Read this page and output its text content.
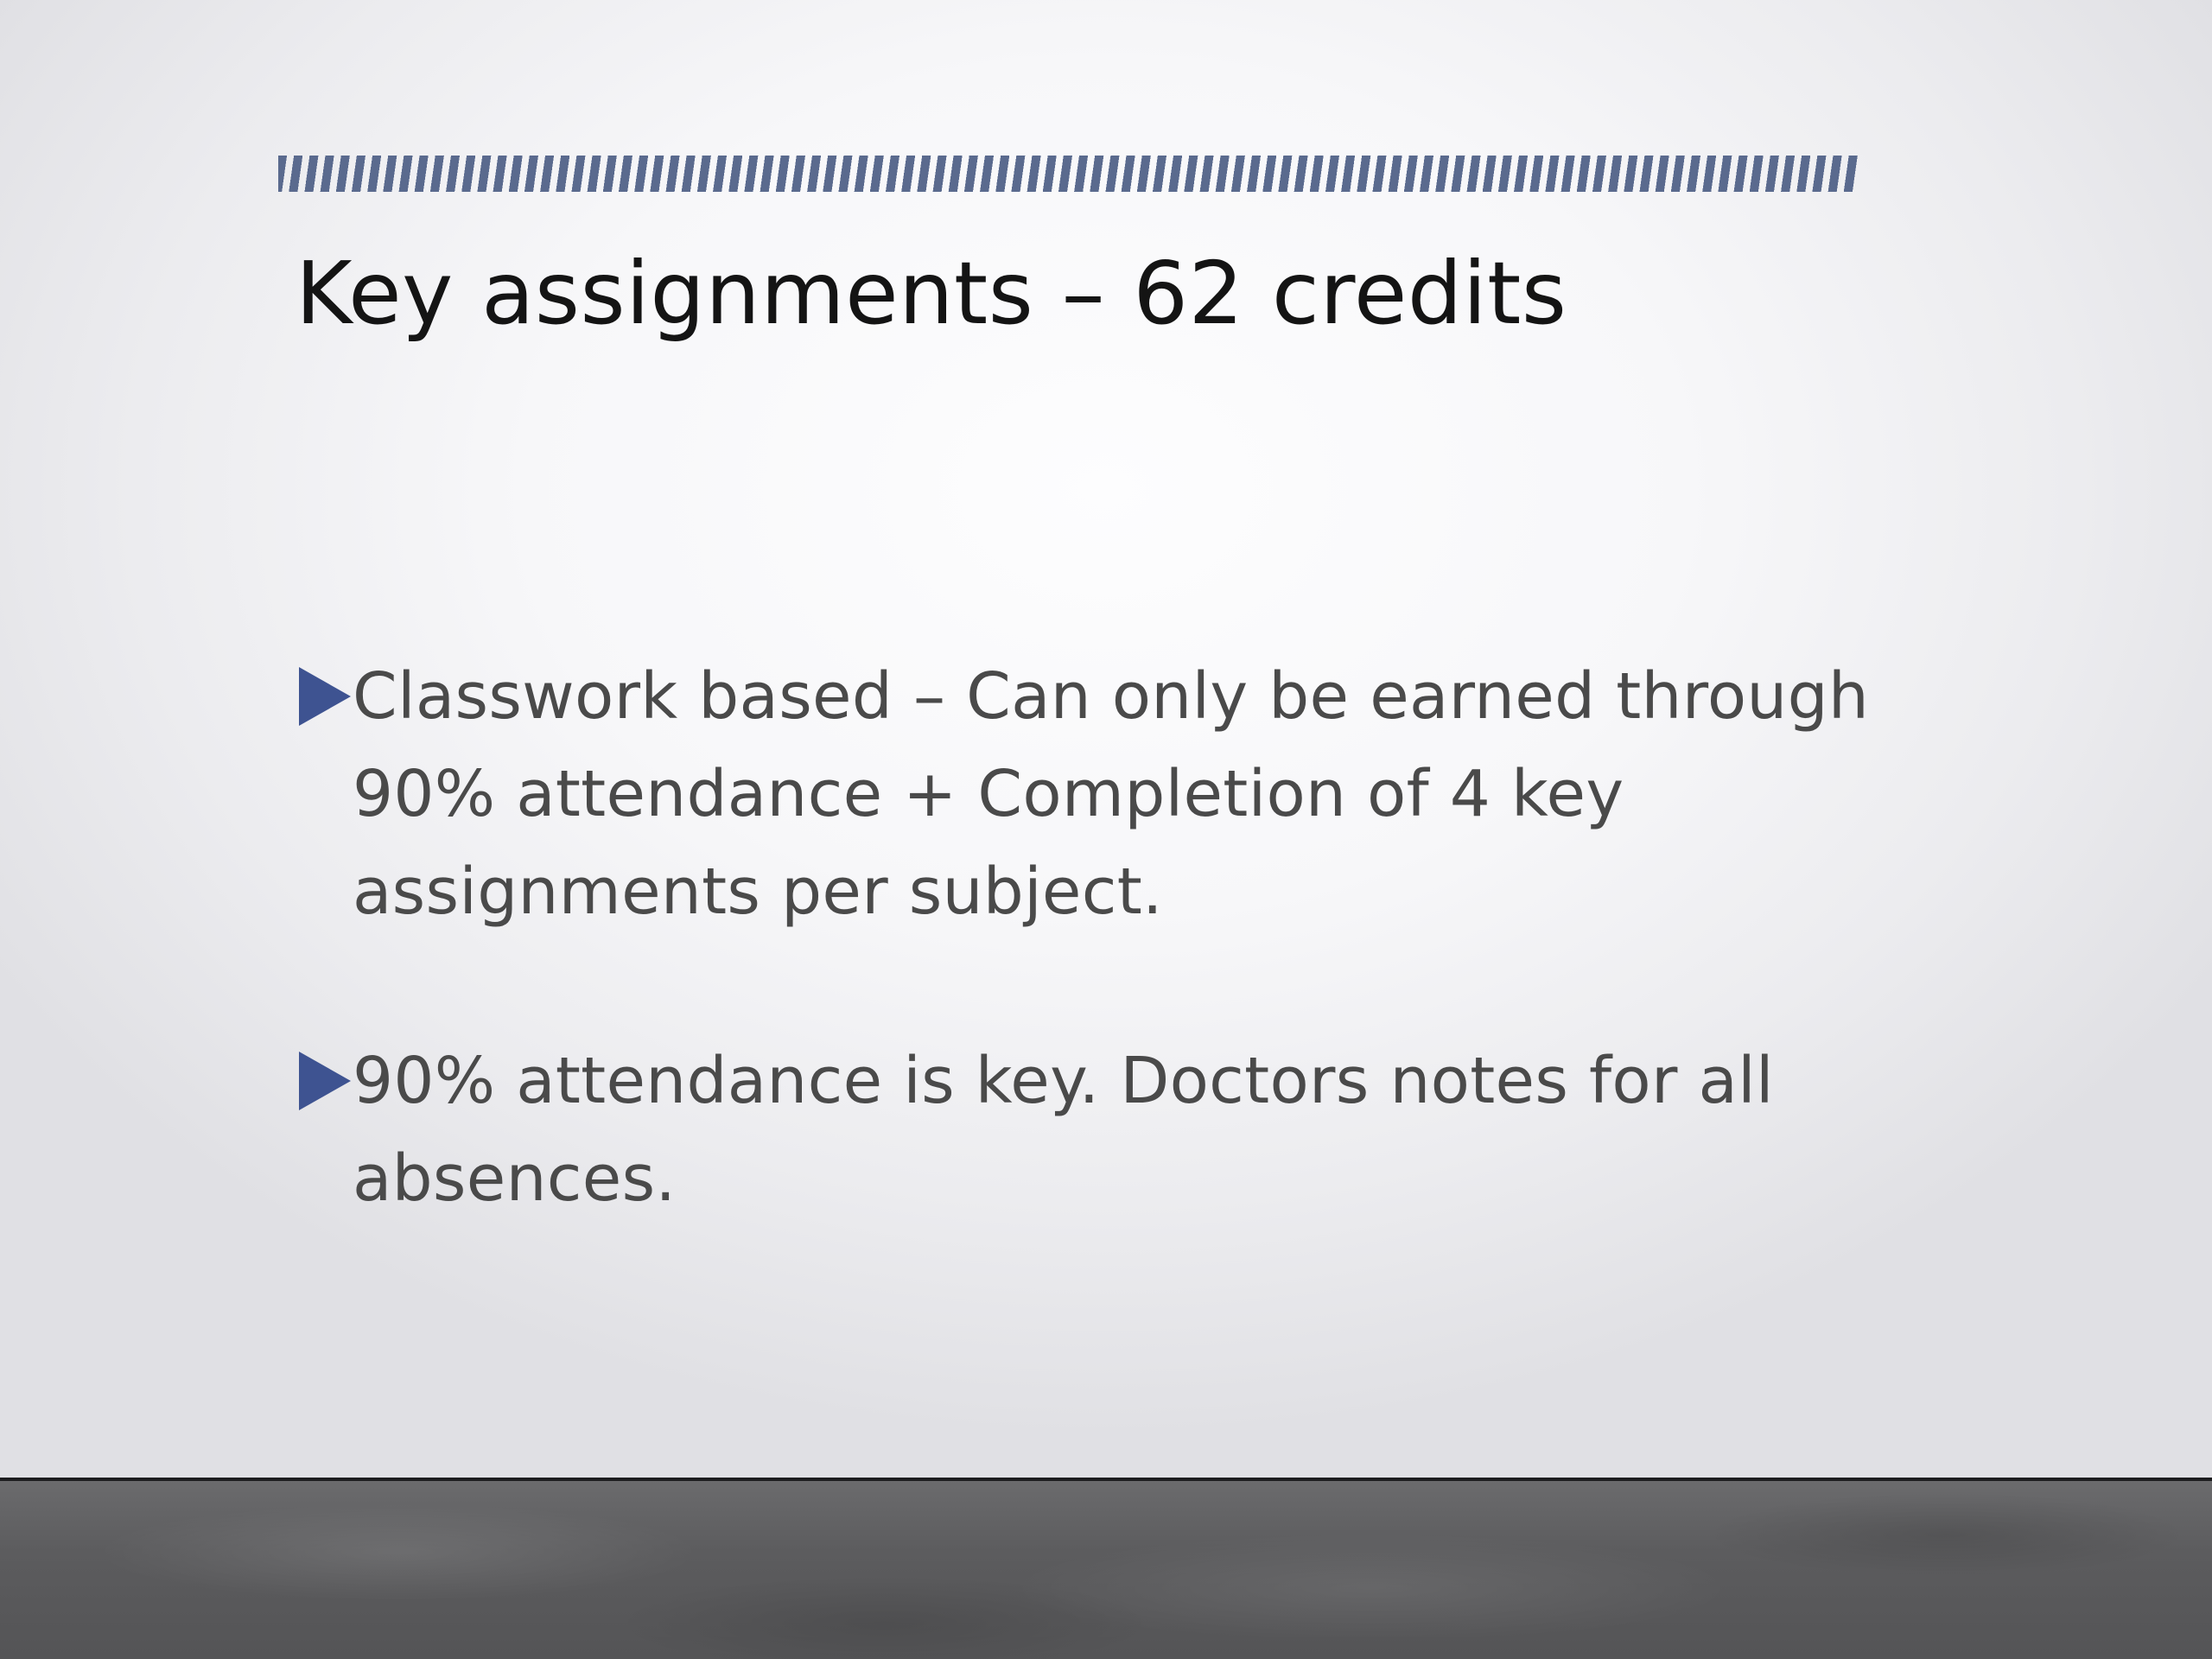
Key assignments – 62 credits
Classwork based – Can only be earned through 90% attendance + Completion of 4 key assignments per subject.
90% attendance is key. Doctors notes for all absences.
